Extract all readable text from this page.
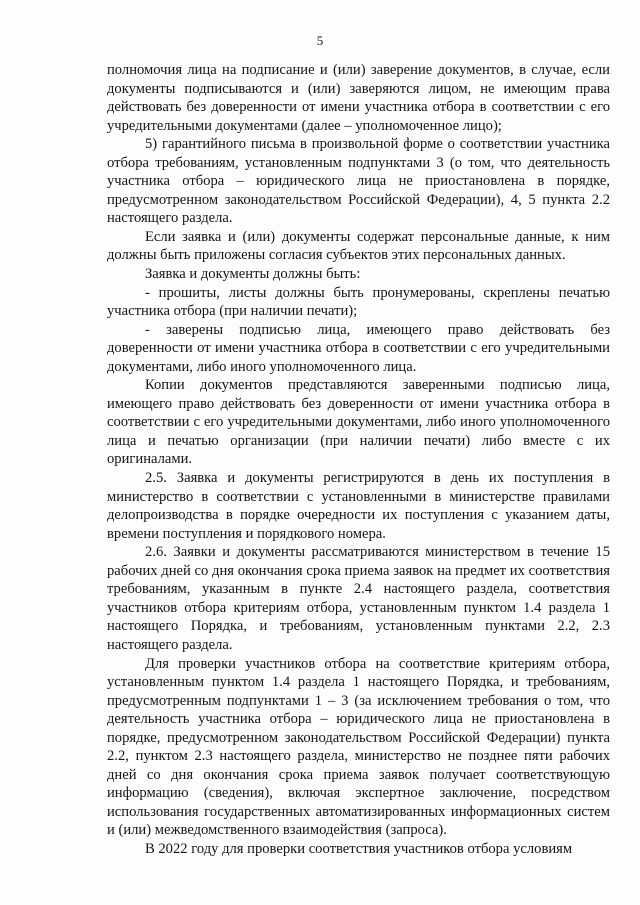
5

полномочия лица на подписание и (или) заверение документов, в случае, если документы подписываются и (или) заверяются лицом, не имеющим права действовать без доверенности от имени участника отбора в соответствии с его учредительными документами (далее – уполномоченное лицо);

5) гарантийного письма в произвольной форме о соответствии участника отбора требованиям, установленным подпунктами 3 (о том, что деятельность участника отбора – юридического лица не приостановлена в порядке, предусмотренном законодательством Российской Федерации), 4, 5 пункта 2.2 настоящего раздела.

Если заявка и (или) документы содержат персональные данные, к ним должны быть приложены согласия субъектов этих персональных данных.

Заявка и документы должны быть:

- прошиты, листы должны быть пронумерованы, скреплены печатью участника отбора (при наличии печати);

- заверены подписью лица, имеющего право действовать без доверенности от имени участника отбора в соответствии с его учредительными документами, либо иного уполномоченного лица.

Копии документов представляются заверенными подписью лица, имеющего право действовать без доверенности от имени участника отбора в соответствии с его учредительными документами, либо иного уполномоченного лица и печатью организации (при наличии печати) либо вместе с их оригиналами.

2.5. Заявка и документы регистрируются в день их поступления в министерство в соответствии с установленными в министерстве правилами делопроизводства в порядке очередности их поступления с указанием даты, времени поступления и порядкового номера.

2.6. Заявки и документы рассматриваются министерством в течение 15 рабочих дней со дня окончания срока приема заявок на предмет их соответствия требованиям, указанным в пункте 2.4 настоящего раздела, соответствия участников отбора критериям отбора, установленным пунктом 1.4 раздела 1 настоящего Порядка, и требованиям, установленным пунктами 2.2, 2.3 настоящего раздела.

Для проверки участников отбора на соответствие критериям отбора, установленным пунктом 1.4 раздела 1 настоящего Порядка, и требованиям, предусмотренным подпунктами 1 – 3 (за исключением требования о том, что деятельность участника отбора – юридического лица не приостановлена в порядке, предусмотренном законодательством Российской Федерации) пункта 2.2, пунктом 2.3 настоящего раздела, министерство не позднее пяти рабочих дней со дня окончания срока приема заявок получает соответствующую информацию (сведения), включая экспертное заключение, посредством использования государственных автоматизированных информационных систем и (или) межведомственного взаимодействия (запроса).

В 2022 году для проверки соответствия участников отбора условиям
